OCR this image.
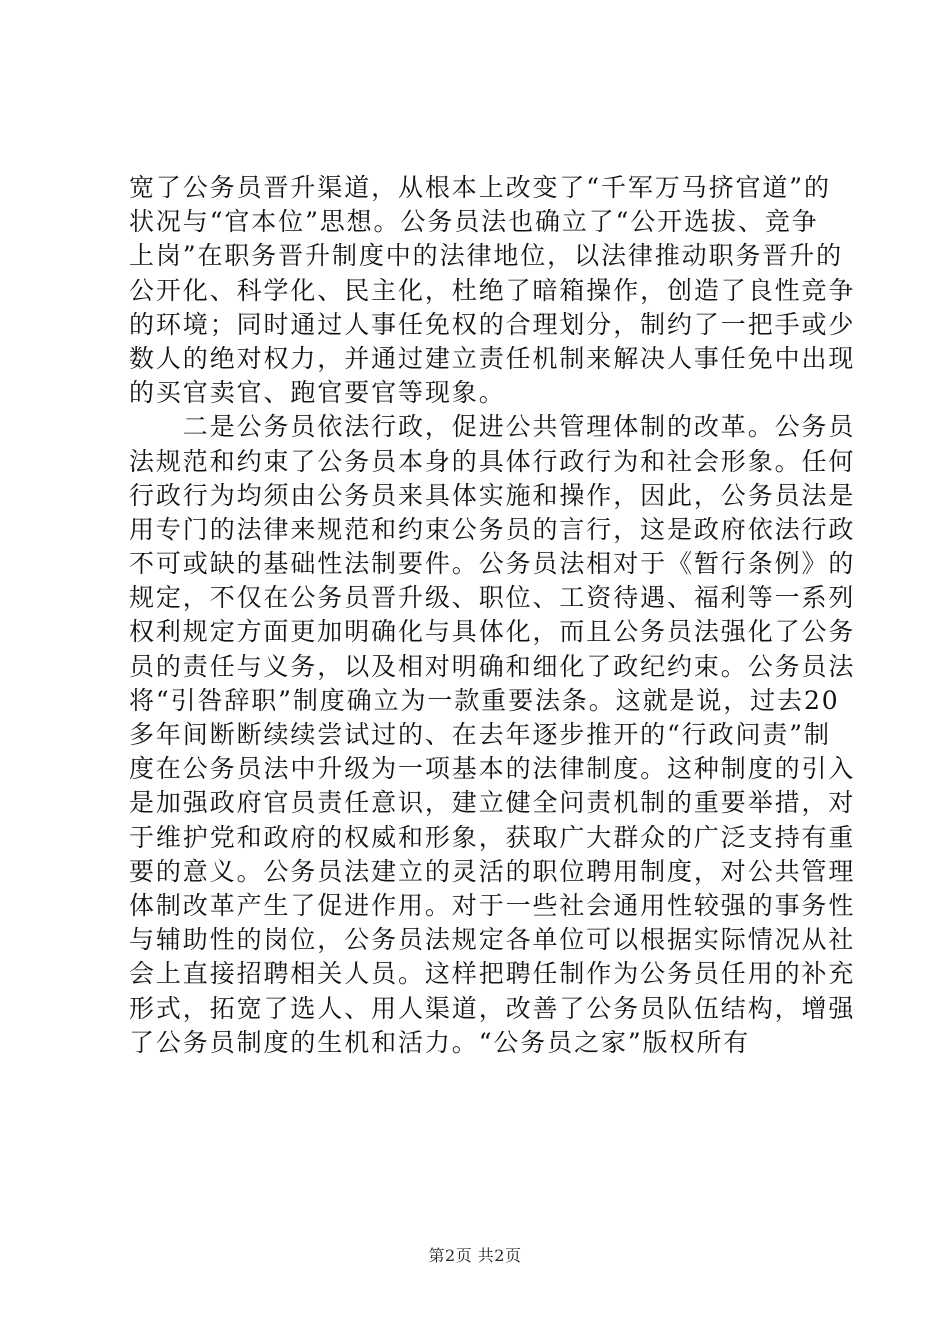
宽了公务员晋升渠道，从根本上改变了“千军万马挤官道”的
状况与“官本位”思想。公务员法也确立了“公开选拔、竞争
上岗”在职务晋升制度中的法律地位，以法律推动职务晋升的
公开化、科学化、民主化，杜绝了暗箱操作，创造了良性竞争
的环境；同时通过人事任免权的合理划分，制约了一把手或少
数人的绝对权力，并通过建立责任机制来解决人事任免中出现
的买官卖官、跑官要官等现象。
　　二是公务员依法行政，促进公共管理体制的改革。公务员
法规范和约束了公务员本身的具体行政行为和社会形象。任何
行政行为均须由公务员来具体实施和操作，因此，公务员法是
用专门的法律来规范和约束公务员的言行，这是政府依法行政
不可或缺的基础性法制要件。公务员法相对于《暂行条例》的
规定，不仅在公务员晋升级、职位、工资待遇、福利等一系列
权利规定方面更加明确化与具体化，而且公务员法强化了公务
员的责任与义务，以及相对明确和细化了政纪约束。公务员法
将“引咎辞职”制度确立为一款重要法条。这就是说，过去20
多年间断断续续尝试过的、在去年逐步推开的“行政问责”制
度在公务员法中升级为一项基本的法律制度。这种制度的引入
是加强政府官员责任意识，建立健全问责机制的重要举措，对
于维护党和政府的权威和形象，获取广大群众的广泛支持有重
要的意义。公务员法建立的灵活的职位聘用制度，对公共管理
体制改革产生了促进作用。对于一些社会通用性较强的事务性
与辅助性的岗位，公务员法规定各单位可以根据实际情况从社
会上直接招聘相关人员。这样把聘任制作为公务员任用的补充
形式，拓宽了选人、用人渠道，改善了公务员队伍结构，增强
了公务员制度的生机和活力。“公务员之家”版权所有
第2页 共2页
